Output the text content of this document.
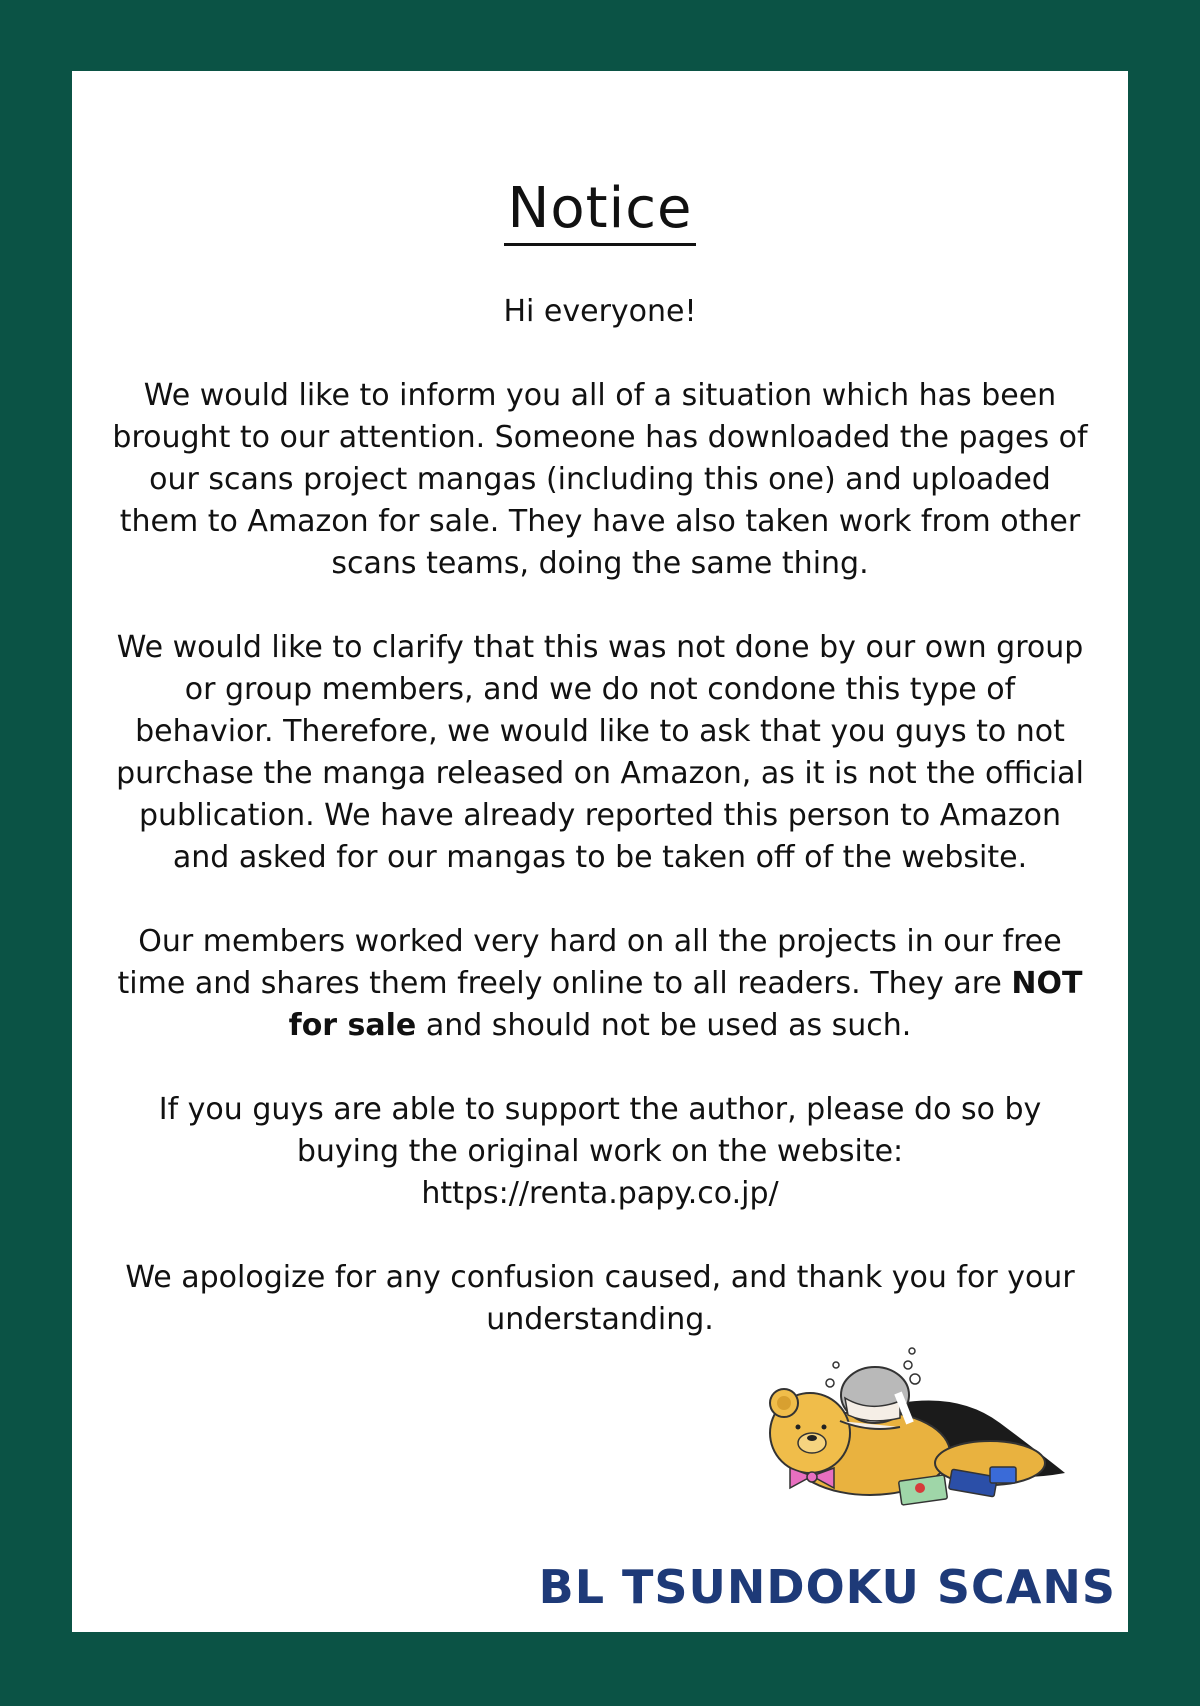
Notice

Hi everyone!

We would like to inform you all of a situation which has been brought to our attention. Someone has downloaded the pages of our scans project mangas (including this one) and uploaded them to Amazon for sale. They have also taken work from other scans teams, doing the same thing.

We would like to clarify that this was not done by our own group or group members, and we do not condone this type of behavior. Therefore, we would like to ask that you guys to not purchase the manga released on Amazon, as it is not the official publication. We have already reported this person to Amazon and asked for our mangas to be taken off of the website.

Our members worked very hard on all the projects in our free time and shares them freely online to all readers. They are NOT for sale and should not be used as such.

If you guys are able to support the author, please do so by buying the original work on the website:
https://renta.papy.co.jp/

We apologize for any confusion caused, and thank you for your understanding.

BL TSUNDOKU SCANS
